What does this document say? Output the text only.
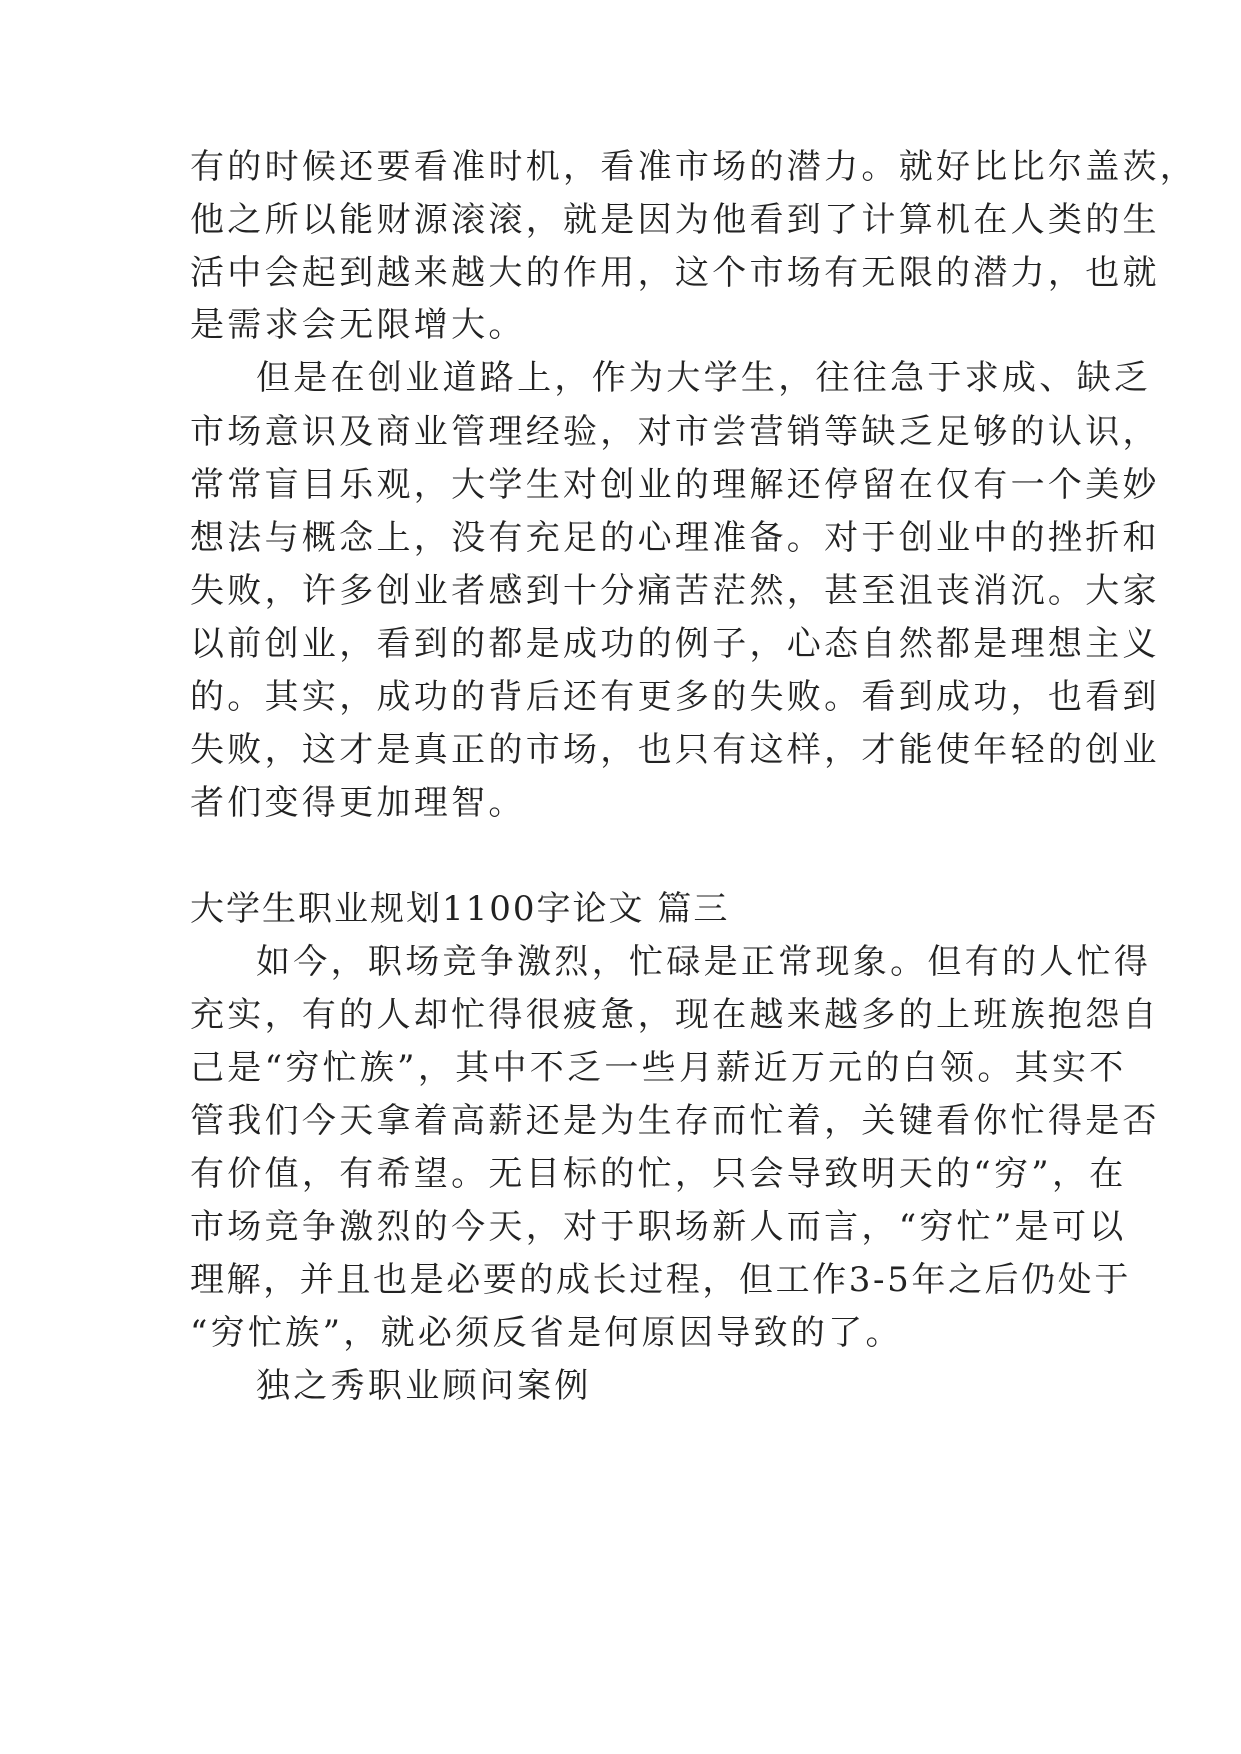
有的时候还要看准时机，看准市场的潜力。就好比比尔盖茨，
他之所以能财源滚滚，就是因为他看到了计算机在人类的生
活中会起到越来越大的作用，这个市场有无限的潜力，也就
是需求会无限增大。
但是在创业道路上，作为大学生，往往急于求成、缺乏
市场意识及商业管理经验，对市尝营销等缺乏足够的认识，
常常盲目乐观，大学生对创业的理解还停留在仅有一个美妙
想法与概念上，没有充足的心理准备。对于创业中的挫折和
失败，许多创业者感到十分痛苦茫然，甚至沮丧消沉。大家
以前创业，看到的都是成功的例子，心态自然都是理想主义
的。其实，成功的背后还有更多的失败。看到成功，也看到
失败，这才是真正的市场，也只有这样，才能使年轻的创业
者们变得更加理智。
大学生职业规划1100字论文 篇三
如今，职场竞争激烈，忙碌是正常现象。但有的人忙得
充实，有的人却忙得很疲惫，现在越来越多的上班族抱怨自
己是“穷忙族”，其中不乏一些月薪近万元的白领。其实不
管我们今天拿着高薪还是为生存而忙着，关键看你忙得是否
有价值，有希望。无目标的忙，只会导致明天的“穷”，在
市场竞争激烈的今天，对于职场新人而言，“穷忙”是可以
理解，并且也是必要的成长过程，但工作3-5年之后仍处于
“穷忙族”，就必须反省是何原因导致的了。
独之秀职业顾问案例
